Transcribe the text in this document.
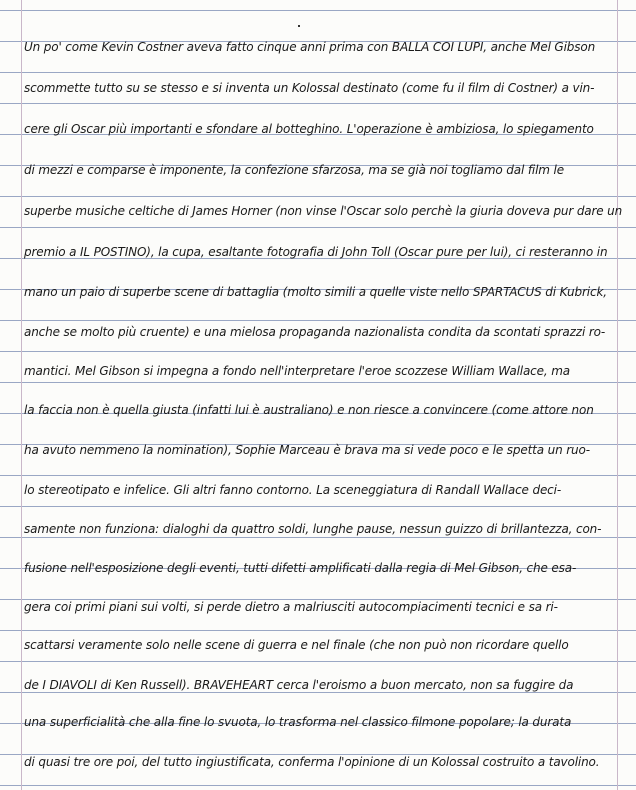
Un po' come Kevin Costner aveva fatto cinque anni prima con BALLA COI LUPI, anche Mel Gibson
scommette tutto su se stesso e si inventa un Kolossal destinato (come fu il film di Costner) a vin-
cere gli Oscar più importanti e sfondare al botteghino. L'operazione è ambiziosa, lo spiegamento
di mezzi e comparse è imponente, la confezione sfarzosa, ma se già noi togliamo dal film le
superbe musiche celtiche di James Horner (non vinse l'Oscar solo perchè la giuria doveva pur dare un
premio a IL POSTINO), la cupa, esaltante fotografia di John Toll (Oscar pure per lui), ci resteranno in
mano un paio di superbe scene di battaglia (molto simili a quelle viste nello SPARTACUS di Kubrick,
anche se molto più cruente) e una mielosa propaganda nazionalista condita da scontati sprazzi ro-
mantici. Mel Gibson si impegna a fondo nell'interpretare l'eroe scozzese William Wallace, ma
la faccia non è quella giusta (infatti lui è australiano) e non riesce a convincere (come attore non
ha avuto nemmeno la nomination), Sophie Marceau è brava ma si vede poco e le spetta un ruo-
lo stereotipato e infelice. Gli altri fanno contorno. La sceneggiatura di Randall Wallace deci-
samente non funziona: dialoghi da quattro soldi, lunghe pause, nessun guizzo di brillantezza, con-
fusione nell'esposizione degli eventi, tutti difetti amplificati dalla regia di Mel Gibson, che esa-
gera coi primi piani sui volti, si perde dietro a malriusciti autocompiacimenti tecnici e sa ri-
scattarsi veramente solo nelle scene di guerra e nel finale (che non può non ricordare quello
de I DIAVOLI di Ken Russell). BRAVEHEART cerca l'eroismo a buon mercato, non sa fuggire da
una superficialità che alla fine lo svuota, lo trasforma nel classico filmone popolare; la durata
di quasi tre ore poi, del tutto ingiustificata, conferma l'opinione di un Kolossal costruito a tavolino.
